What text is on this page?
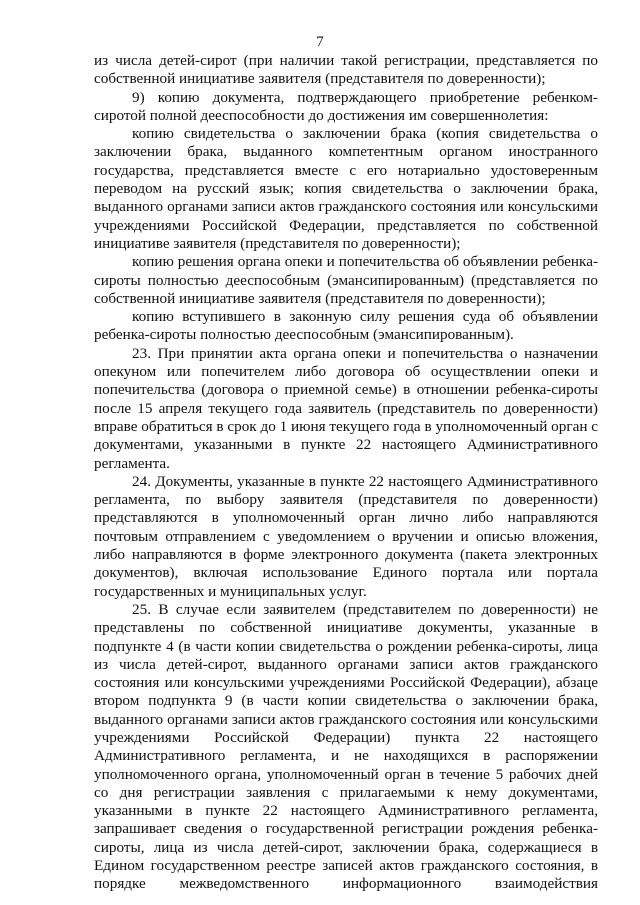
7

из числа детей-сирот (при наличии такой регистрации, представляется по собственной инициативе заявителя (представителя по доверенности);

9) копию документа, подтверждающего приобретение ребенком-сиротой полной дееспособности до достижения им совершеннолетия:

копию свидетельства о заключении брака (копия свидетельства о заключении брака, выданного компетентным органом иностранного государства, представляется вместе с его нотариально удостоверенным переводом на русский язык; копия свидетельства о заключении брака, выданного органами записи актов гражданского состояния или консульскими учреждениями Российской Федерации, представляется по собственной инициативе заявителя (представителя по доверенности);

копию решения органа опеки и попечительства об объявлении ребенка-сироты полностью дееспособным (эмансипированным) (представляется по собственной инициативе заявителя (представителя по доверенности);

копию вступившего в законную силу решения суда об объявлении ребенка-сироты полностью дееспособным (эмансипированным).

23. При принятии акта органа опеки и попечительства о назначении опекуном или попечителем либо договора об осуществлении опеки и попечительства (договора о приемной семье) в отношении ребенка-сироты после 15 апреля текущего года заявитель (представитель по доверенности) вправе обратиться в срок до 1 июня текущего года в уполномоченный орган с документами, указанными в пункте 22 настоящего Административного регламента.

24. Документы, указанные в пункте 22 настоящего Административного регламента, по выбору заявителя (представителя по доверенности) представляются в уполномоченный орган лично либо направляются почтовым отправлением с уведомлением о вручении и описью вложения, либо направляются в форме электронного документа (пакета электронных документов), включая использование Единого портала или портала государственных и муниципальных услуг.

25. В случае если заявителем (представителем по доверенности) не представлены по собственной инициативе документы, указанные в подпункте 4 (в части копии свидетельства о рождении ребенка-сироты, лица из числа детей-сирот, выданного органами записи актов гражданского состояния или консульскими учреждениями Российской Федерации), абзаце втором подпункта 9 (в части копии свидетельства о заключении брака, выданного органами записи актов гражданского состояния или консульскими учреждениями Российской Федерации) пункта 22 настоящего Административного регламента, и не находящихся в распоряжении уполномоченного органа, уполномоченный орган в течение 5 рабочих дней со дня регистрации заявления с прилагаемыми к нему документами, указанными в пункте 22 настоящего Административного регламента, запрашивает сведения о государственной регистрации рождения ребенка-сироты, лица из числа детей-сирот, заключении брака, содержащиеся в Едином государственном реестре записей актов гражданского состояния, в порядке межведомственного информационного взаимодействия
